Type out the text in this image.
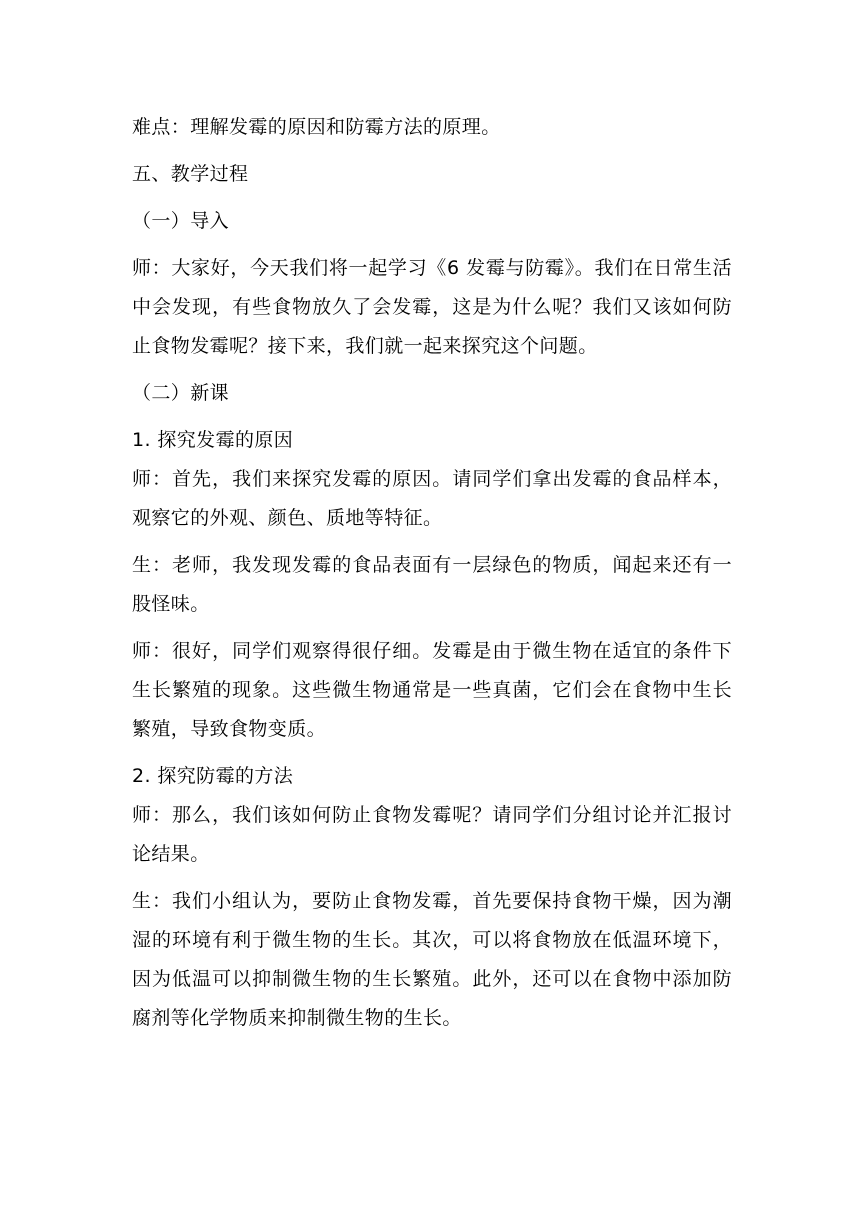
难点：理解发霉的原因和防霉方法的原理。

五、教学过程

（一）导入

师：大家好，今天我们将一起学习《6 发霉与防霉》。我们在日常生活中会发现，有些食物放久了会发霉，这是为什么呢？我们又该如何防止食物发霉呢？接下来，我们就一起来探究这个问题。

（二）新课

1. 探究发霉的原因

师：首先，我们来探究发霉的原因。请同学们拿出发霉的食品样本，观察它的外观、颜色、质地等特征。

生：老师，我发现发霉的食品表面有一层绿色的物质，闻起来还有一股怪味。

师：很好，同学们观察得很仔细。发霉是由于微生物在适宜的条件下生长繁殖的现象。这些微生物通常是一些真菌，它们会在食物中生长繁殖，导致食物变质。

2. 探究防霉的方法

师：那么，我们该如何防止食物发霉呢？请同学们分组讨论并汇报讨论结果。

生：我们小组认为，要防止食物发霉，首先要保持食物干燥，因为潮湿的环境有利于微生物的生长。其次，可以将食物放在低温环境下，因为低温可以抑制微生物的生长繁殖。此外，还可以在食物中添加防腐剂等化学物质来抑制微生物的生长。
